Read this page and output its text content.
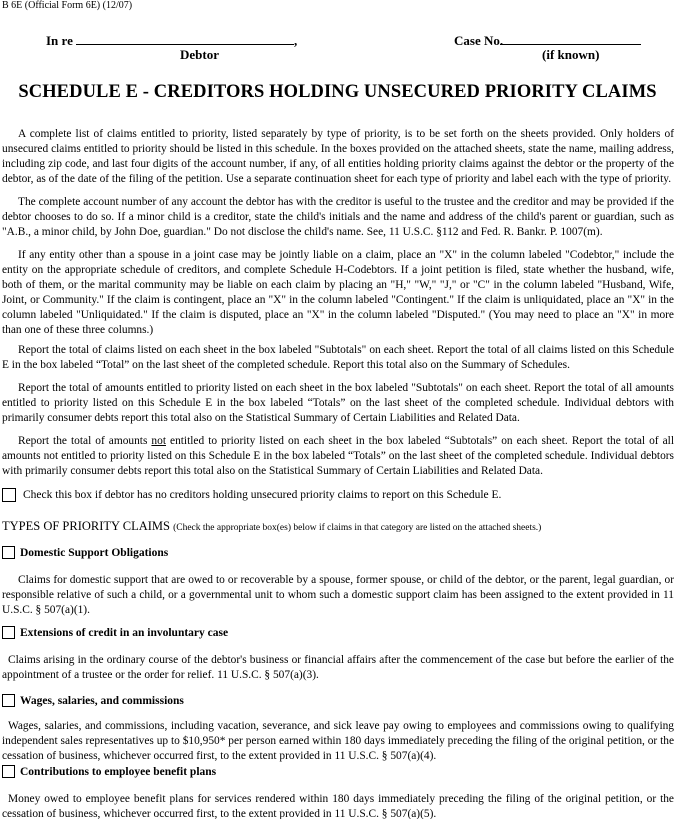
B 6E (Official Form 6E) (12/07)
In re	,
Debtor
Case No.
(if known)
SCHEDULE E - CREDITORS HOLDING UNSECURED PRIORITY CLAIMS

A complete list of claims entitled to priority, listed separately by type of priority, is to be set forth on the sheets provided. Only holders of unsecured claims entitled to priority should be listed in this schedule. In the boxes provided on the attached sheets, state the name, mailing address, including zip code, and last four digits of the account number, if any, of all entities holding priority claims against the debtor or the property of the debtor, as of the date of the filing of the petition. Use a separate continuation sheet for each type of priority and label each with the type of priority.

The complete account number of any account the debtor has with the creditor is useful to the trustee and the creditor and may be provided if the debtor chooses to do so. If a minor child is a creditor, state the child's initials and the name and address of the child's parent or guardian, such as "A.B., a minor child, by John Doe, guardian." Do not disclose the child's name. See, 11 U.S.C. §112 and Fed. R. Bankr. P. 1007(m).

If any entity other than a spouse in a joint case may be jointly liable on a claim, place an "X" in the column labeled "Codebtor," include the entity on the appropriate schedule of creditors, and complete Schedule H-Codebtors. If a joint petition is filed, state whether the husband, wife, both of them, or the marital community may be liable on each claim by placing an "H," "W," "J," or "C" in the column labeled "Husband, Wife, Joint, or Community." If the claim is contingent, place an "X" in the column labeled "Contingent." If the claim is unliquidated, place an "X" in the column labeled "Unliquidated." If the claim is disputed, place an "X" in the column labeled "Disputed." (You may need to place an "X" in more than one of these three columns.)

Report the total of claims listed on each sheet in the box labeled "Subtotals" on each sheet. Report the total of all claims listed on this Schedule E in the box labeled “Total” on the last sheet of the completed schedule. Report this total also on the Summary of Schedules.

Report the total of amounts entitled to priority listed on each sheet in the box labeled "Subtotals" on each sheet. Report the total of all amounts entitled to priority listed on this Schedule E in the box labeled “Totals” on the last sheet of the completed schedule. Individual debtors with primarily consumer debts report this total also on the Statistical Summary of Certain Liabilities and Related Data.

Report the total of amounts not entitled to priority listed on each sheet in the box labeled “Subtotals” on each sheet. Report the total of all amounts not entitled to priority listed on this Schedule E in the box labeled “Totals” on the last sheet of the completed schedule. Individual debtors with primarily consumer debts report this total also on the Statistical Summary of Certain Liabilities and Related Data.

Check this box if debtor has no creditors holding unsecured priority claims to report on this Schedule E.
TYPES OF PRIORITY CLAIMS (Check the appropriate box(es) below if claims in that category are listed on the attached sheets.)
Domestic Support Obligations

Claims for domestic support that are owed to or recoverable by a spouse, former spouse, or child of the debtor, or the parent, legal guardian, or responsible relative of such a child, or a governmental unit to whom such a domestic support claim has been assigned to the extent provided in 11 U.S.C. § 507(a)(1).

Extensions of credit in an involuntary case

Claims arising in the ordinary course of the debtor's business or financial affairs after the commencement of the case but before the earlier of the appointment of a trustee or the order for relief. 11 U.S.C. § 507(a)(3).

Wages, salaries, and commissions

Wages, salaries, and commissions, including vacation, severance, and sick leave pay owing to employees and commissions owing to qualifying independent sales representatives up to $10,950* per person earned within 180 days immediately preceding the filing of the original petition, or the cessation of business, whichever occurred first, to the extent provided in 11 U.S.C. § 507(a)(4).

Contributions to employee benefit plans

Money owed to employee benefit plans for services rendered within 180 days immediately preceding the filing of the original petition, or the cessation of business, whichever occurred first, to the extent provided in 11 U.S.C. § 507(a)(5).
